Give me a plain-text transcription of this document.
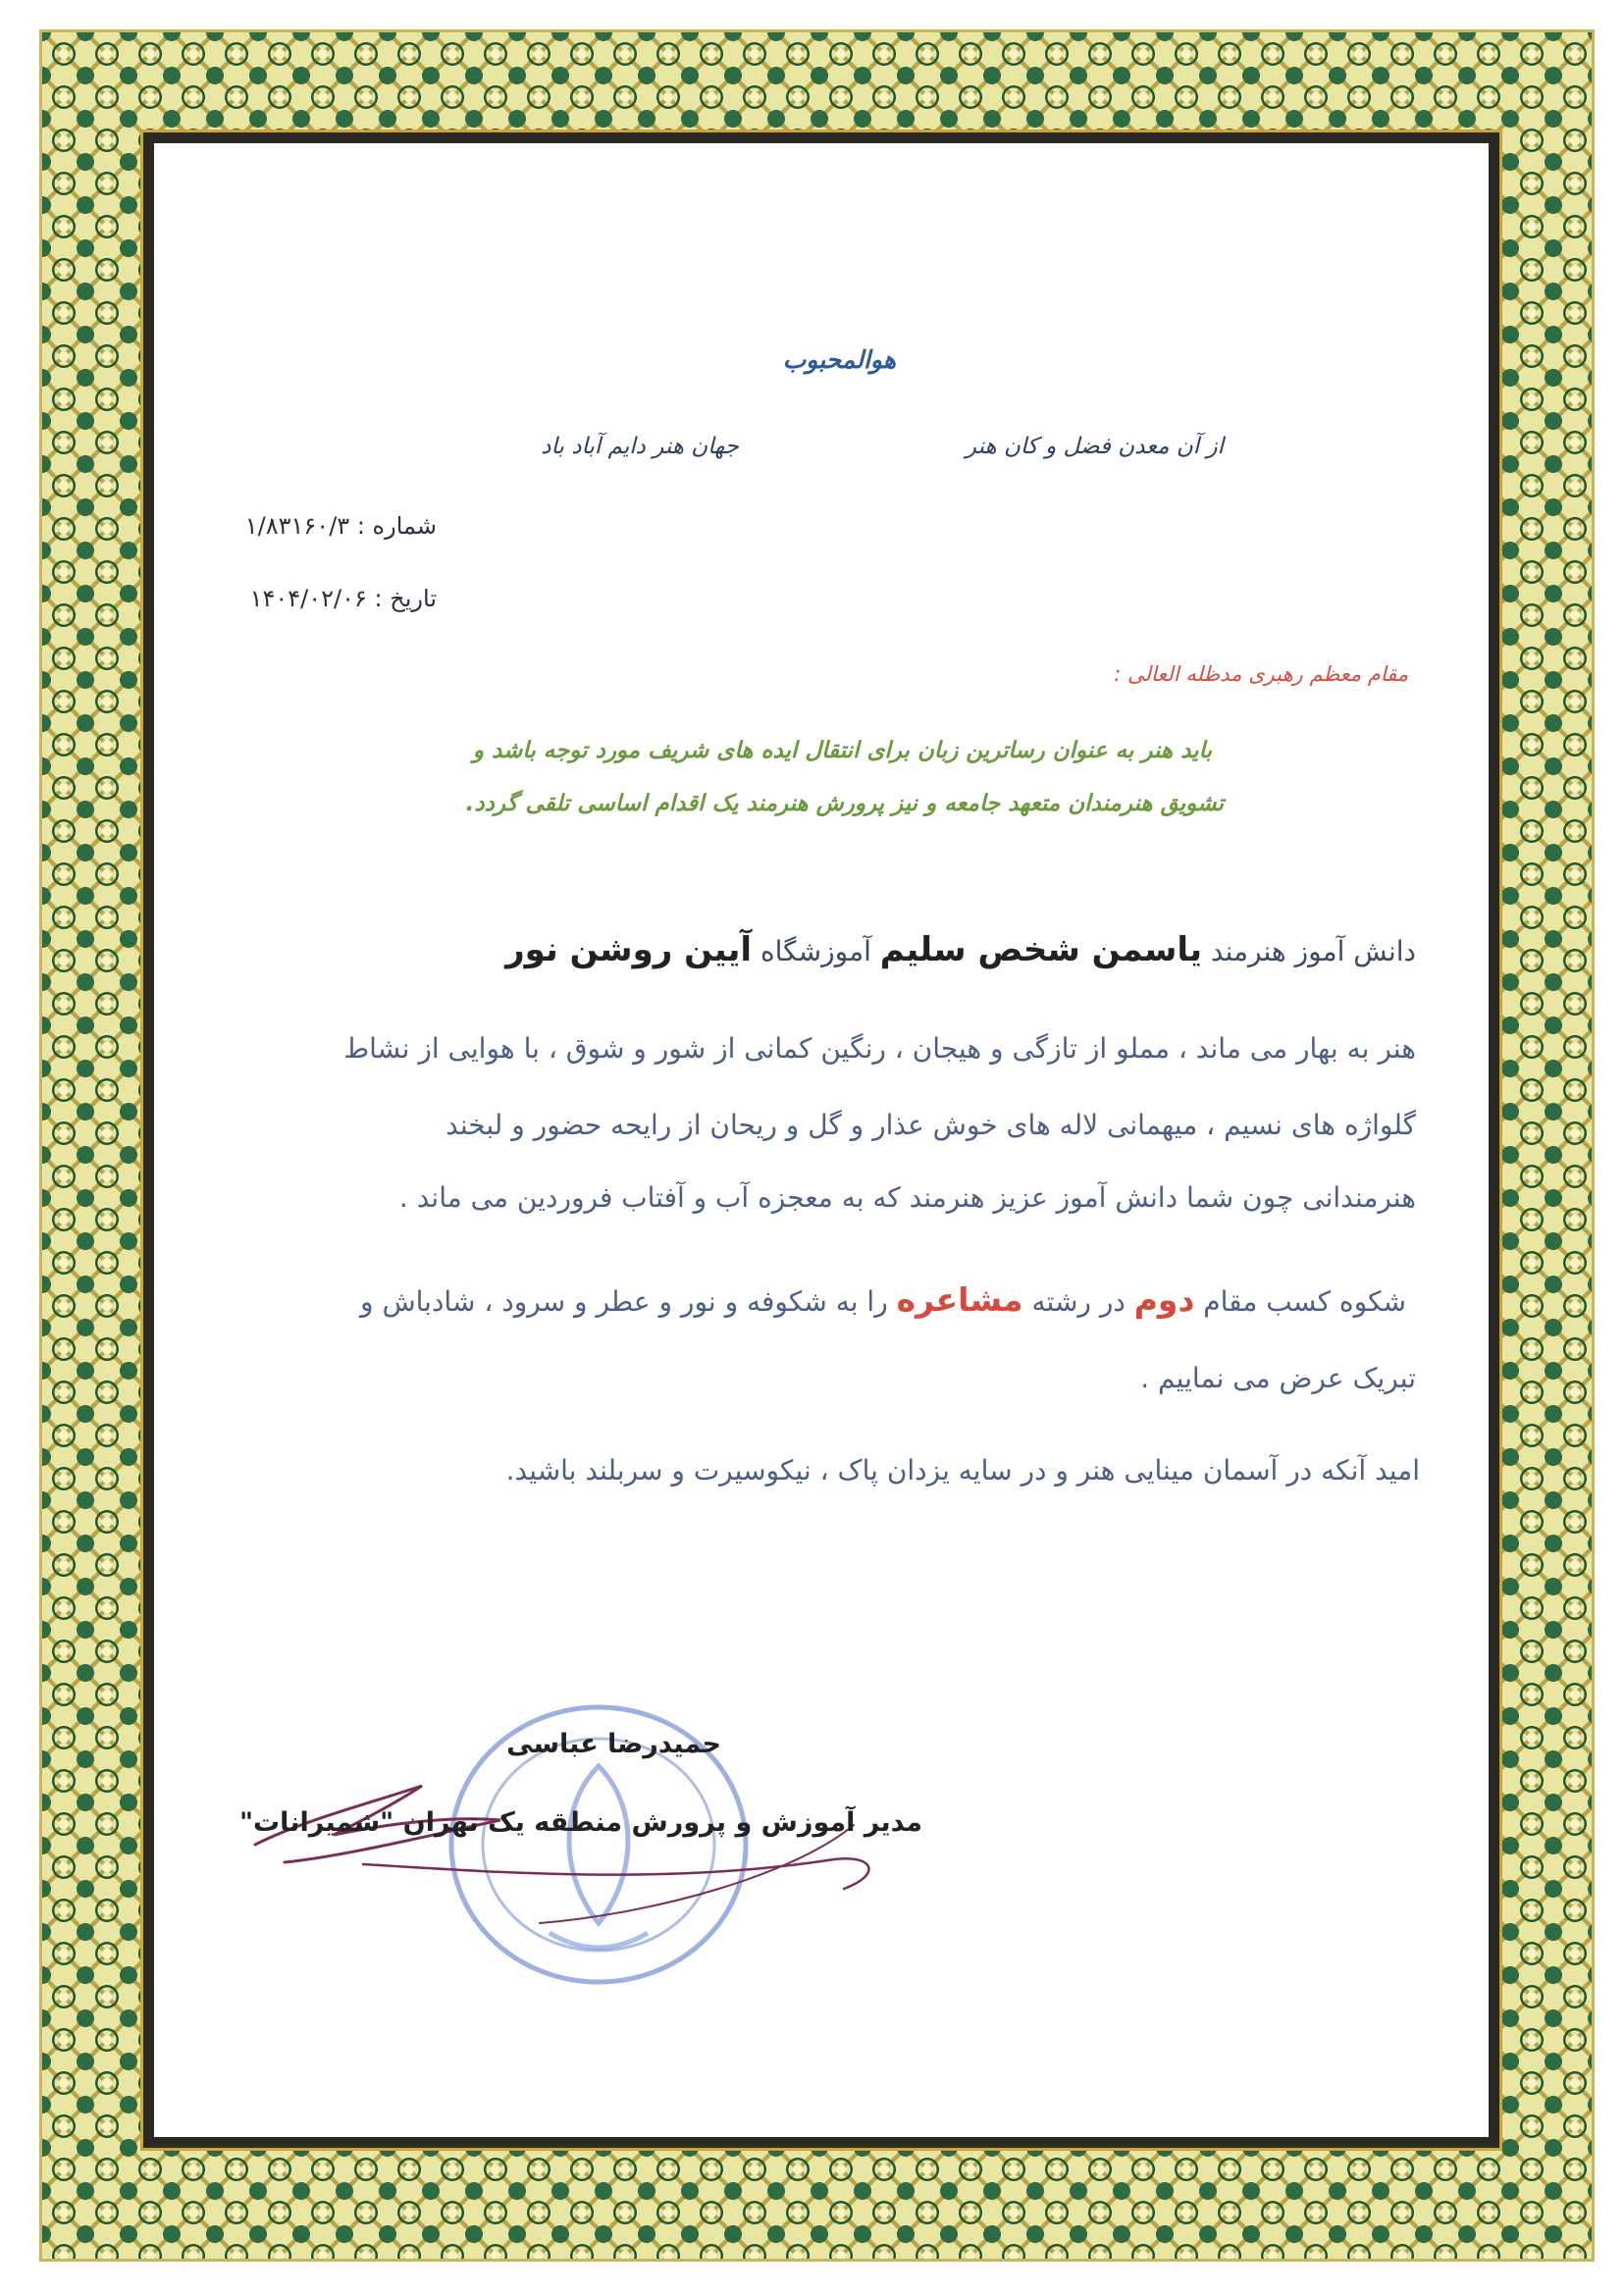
هوالمحبوب

جهان هنر دایم آباد باد	از آن معدن فضل و کان هنر

شماره : ۱/۸۳۱۶۰/۳

تاریخ : ۱۴۰۴/۰۲/۰۶

مقام معظم رهبری مدظله العالی :

باید هنر به عنوان رساترین زبان برای انتقال ایده های شریف مورد توجه باشد و

تشویق هنرمندان متعهد جامعه و نیز پرورش هنرمند یک اقدام اساسی تلقی گردد.

دانش آموز هنرمند یاسمن شخص سلیم آموزشگاه آیین روشن نور

هنر به بهار می ماند ، مملو از تازگی و هیجان ، رنگین کمانی از شور و شوق ، با هوایی از نشاط

گلواژه های نسیم ، میهمانی لاله های خوش عذار و گل و ریحان از رایحه حضور و لبخند

هنرمندانی چون شما دانش آموز عزیز هنرمند که به معجزه آب و آفتاب فروردین می ماند .

شکوه کسب مقام دوم در رشته مشاعره را به شکوفه و نور و عطر و سرود ، شادباش و

تبریک عرض می نماییم .

امید آنکه در آسمان مینایی هنر و در سایه یزدان پاک ، نیکوسیرت و سربلند باشید.

حمیدرضا عباسی

مدیر آموزش و پرورش منطقه یک تهران "شمیرانات"
